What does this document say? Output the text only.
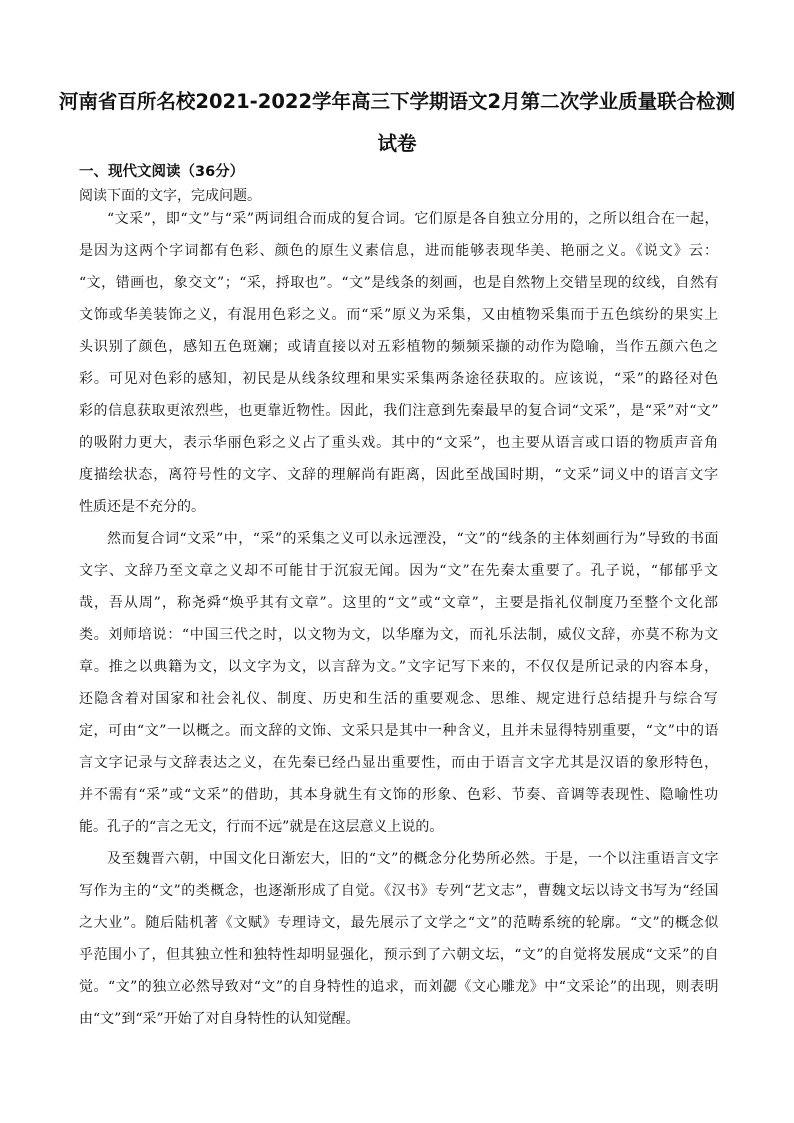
河南省百所名校2021-2022学年高三下学期语文2月第二次学业质量联合检测
试卷
一、现代文阅读（36分）
阅读下面的文字，完成问题。
“文采”，即“文”与“采”两词组合而成的复合词。它们原是各自独立分用的，之所以组合在一起，
是因为这两个字词都有色彩、颜色的原生义素信息，进而能够表现华美、艳丽之义。《说文》云：
“文，错画也，象交文”；“采，捋取也”。“文”是线条的刻画，也是自然物上交错呈现的纹线，自然有
文饰或华美装饰之义，有混用色彩之义。而“采”原义为采集，又由植物采集而于五色缤纷的果实上
头识别了颜色，感知五色斑斓；或请直接以对五彩植物的频频采撷的动作为隐喻，当作五颜六色之
彩。可见对色彩的感知，初民是从线条纹理和果实采集两条途径获取的。应该说，“采”的路径对色
彩的信息获取更浓烈些，也更靠近物性。因此，我们注意到先秦最早的复合词“文采”，是“采”对“文”
的吸附力更大，表示华丽色彩之义占了重头戏。其中的“文采”，也主要从语言或口语的物质声音角
度描绘状态，离符号性的文字、文辞的理解尚有距离，因此至战国时期，“文采”词义中的语言文字
性质还是不充分的。
然而复合词“文采”中，“采”的采集之义可以永远湮没，“文”的“线条的主体刻画行为”导致的书面
文字、文辞乃至文章之义却不可能甘于沉寂无闻。因为“文”在先秦太重要了。孔子说，“郁郁乎文
哉，吾从周”，称尧舜“焕乎其有文章”。这里的“文”或“文章”，主要是指礼仪制度乃至整个文化部
类。刘师培说：“中国三代之时，以文物为文，以华靡为文，而礼乐法制，威仪文辞，亦莫不称为文
章。推之以典籍为文，以文字为文，以言辞为文。”文字记写下来的，不仅仅是所记录的内容本身，
还隐含着对国家和社会礼仪、制度、历史和生活的重要观念、思维、规定进行总结提升与综合写
定，可由“文”一以概之。而文辞的文饰、文采只是其中一种含义，且并未显得特别重要，“文”中的语
言文字记录与文辞表达之义，在先秦已经凸显出重要性，而由于语言文字尤其是汉语的象形特色，
并不需有“采”或“文采”的借助，其本身就生有文饰的形象、色彩、节奏、音调等表现性、隐喻性功
能。孔子的“言之无文，行而不远”就是在这层意义上说的。
及至魏晋六朝，中国文化日渐宏大，旧的“文”的概念分化势所必然。于是，一个以注重语言文字
写作为主的“文”的类概念，也逐渐形成了自觉。《汉书》专列“艺文志”，曹魏文坛以诗文书写为“经国
之大业”。随后陆机著《文赋》专理诗文，最先展示了文学之“文”的范畴系统的轮廓。“文”的概念似
乎范围小了，但其独立性和独特性却明显强化，预示到了六朝文坛，“文”的自觉将发展成“文采”的自
觉。“文”的独立必然导致对“文”的自身特性的追求，而刘勰《文心雕龙》中“文采论”的出现，则表明
由“文”到“采”开始了对自身特性的认知觉醒。
